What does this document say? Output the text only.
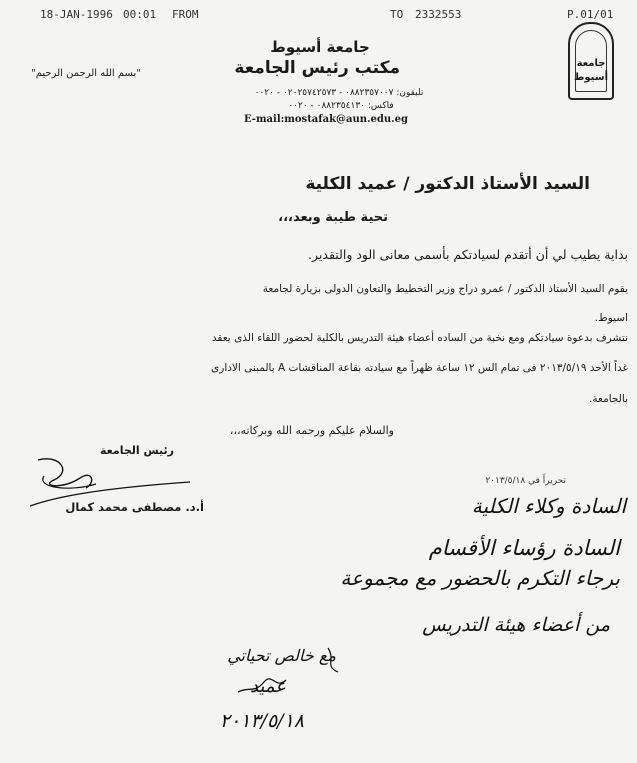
18-JAN-1996 00:01 FROM	TO 2332553	P.01/01
جامعة
أسيوط
جامعة أسيوط
مكتب رئيس الجامعة
تليفون: ٠٨٨٢٣٥٧٠٠٧ - ٠٢٠٢٥٧٤٢٥٧٣ - ٠٠٢٠
فاكس: ٠٨٨٢٣٥٤١٣٠ - ٠٠٢٠
E-mail:mostafak@aun.edu.eg
"بسم الله الرحمن الرحيم"
السيد الأستاذ الدكتور / عميد الكلية
تحية طيبة وبعد،،،
بداية يطيب لي أن أتقدم لسيادتكم بأسمى معانى الود والتقدير.
يقوم السيد الأستاذ الدكتور / عمرو دراج وزير التخطيط والتعاون الدولى بزيارة لجامعة
اسيوط.
نتشرف بدعوة سيادتكم ومع نخبة من الساده أعضاء هيئة التدريس بالكلية لحضور اللقاء الذى يعقد
غداً الأحد ٢٠١٣/٥/١٩ فى تمام الس ١٢ ساعة ظهراً مع سيادته بقاعة المناقشات A بالمبنى الادارى
بالجامعة.
والسلام عليكم ورحمه الله وبركاته،،،
رئيس الجامعة
أ.د. مصطفى محمد كمال
تحريراً في ٢٠١٣/٥/١٨
السادة وكلاء الكلية
السادة رؤساء الأقسام
برجاء التكرم بالحضور مع مجموعة
من أعضاء هيئة التدريس
مع خالص تحياتي
عميد
٢٠١٣/٥/١٨
